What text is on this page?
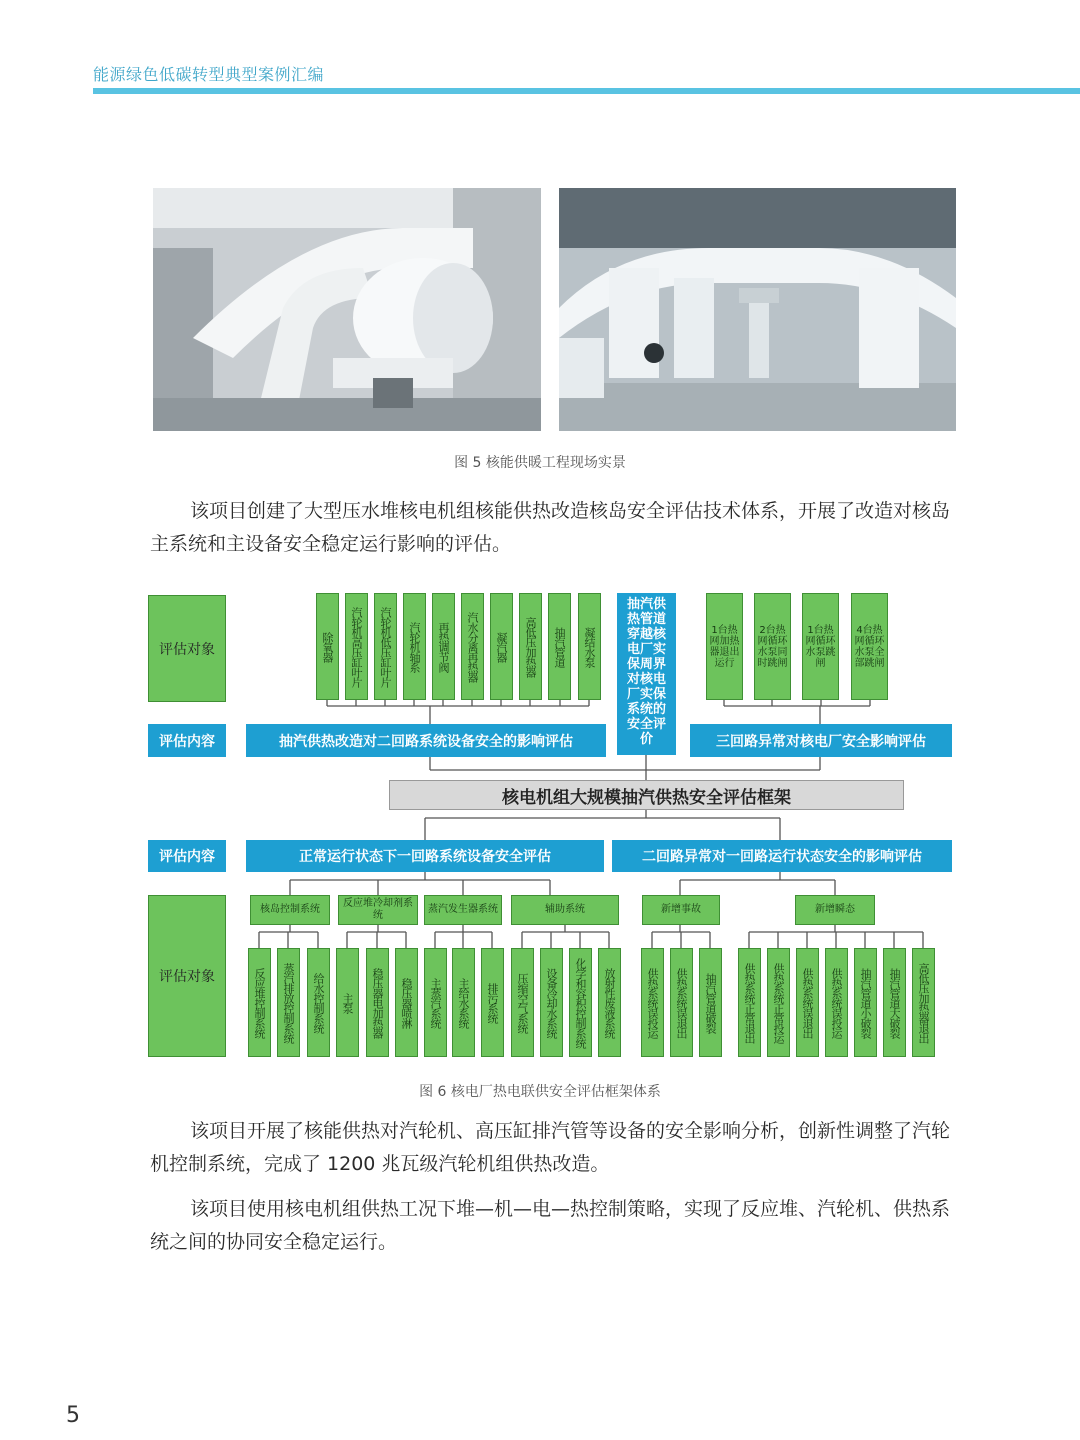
能源绿色低碳转型典型案例汇编
图 5 核能供暖工程现场实景
该项目创建了大型压水堆核电机组核能供热改造核岛安全评估技术体系，开展了改造对核岛主系统和主设备安全稳定运行影响的评估。
评估对象
评估内容
评估内容
评估对象
除氧器	汽轮机高压缸叶片	汽轮机低压缸叶片	汽轮机轴系	再热调节阀	汽水分离再热器	凝汽器	高低压加热器	抽汽管道	凝结水泵
抽汽供热管道穿越核电厂实保周界对核电厂实保系统的安全评价
1台热网加热器退出运行
2台热网循环水泵同时跳闸
1台热网循环水泵跳闸
4台热网循环水泵全部跳闸
抽汽供热改造对二回路系统设备安全的影响评估	三回路异常对核电厂安全影响评估
核电机组大规模抽汽供热安全评估框架
正常运行状态下一回路系统设备安全评估	二回路异常对一回路运行状态安全的影响评估
核岛控制系统
反应堆冷却剂系统
蒸汽发生器系统	辅助系统	新增事故	新增瞬态
反应堆控制系统	蒸汽排放控制系统	给水控制系统	主泵	稳压器电加热器	稳压器喷淋	主蒸汽系统	主给水系统	排污系统	压缩空气系统	设备冷却水系统	化学和容积控制系统	放射性废液系统	供热系统误投运	供热系统误退出	抽汽管道破裂	供热系统正常退出	供热系统正常投运	供热系统误退出	供热系统误投运	抽汽管道小破裂	抽汽管道大破裂	高低压加热器退出
图 6 核电厂热电联供安全评估框架体系
该项目开展了核能供热对汽轮机、高压缸排汽管等设备的安全影响分析，创新性调整了汽轮机控制系统，完成了 1200 兆瓦级汽轮机组供热改造。
该项目使用核电机组供热工况下堆—机—电—热控制策略，实现了反应堆、汽轮机、供热系统之间的协同安全稳定运行。
5
